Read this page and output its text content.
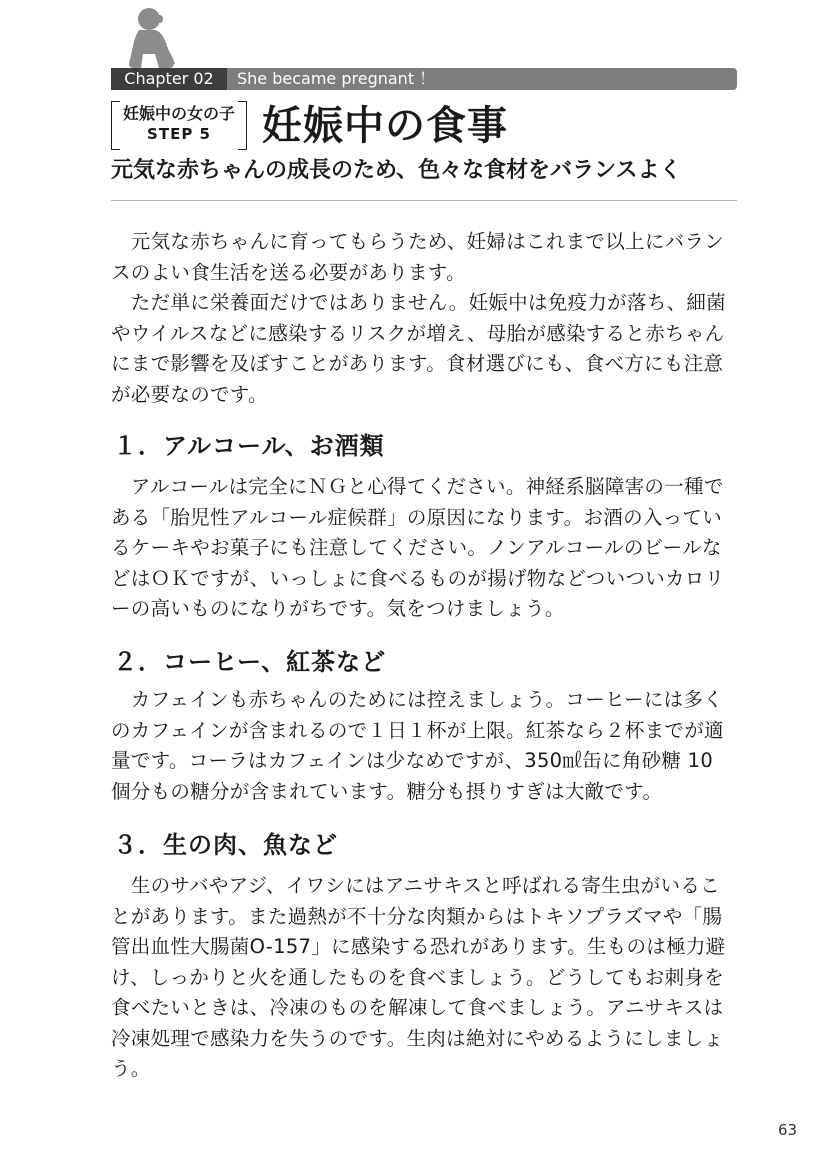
Chapter 02	She became pregnant ！
妊娠中の女の子
STEP 5	妊娠中の食事
元気な赤ちゃんの成長のため、色々な食材をバランスよく

　元気な赤ちゃんに育ってもらうため、妊婦はこれまで以上にバランスのよい食生活を送る必要があります。

　ただ単に栄養面だけではありません。妊娠中は免疫力が落ち、細菌やウイルスなどに感染するリスクが増え、母胎が感染すると赤ちゃんにまで影響を及ぼすことがあります。食材選びにも、食べ方にも注意が必要なのです。

１．アルコール、お酒類

　アルコールは完全にＮＧと心得てください。神経系脳障害の一種である「胎児性アルコール症候群」の原因になります。お酒の入っているケーキやお菓子にも注意してください。ノンアルコールのビールなどはＯＫですが、いっしょに食べるものが揚げ物などついついカロリーの高いものになりがちです。気をつけましょう。

２．コーヒー、紅茶など

　カフェインも赤ちゃんのためには控えましょう。コーヒーには多くのカフェインが含まれるので１日１杯が上限。紅茶なら２杯までが適量です。コーラはカフェインは少なめですが、350㎖缶に角砂糖 10 個分もの糖分が含まれています。糖分も摂りすぎは大敵です。

３．生の肉、魚など

　生のサバやアジ、イワシにはアニサキスと呼ばれる寄生虫がいることがあります。また過熱が不十分な肉類からはトキソプラズマや「腸管出血性大腸菌O-157」に感染する恐れがあります。生ものは極力避け、しっかりと火を通したものを食べましょう。どうしてもお刺身を食べたいときは、冷凍のものを解凍して食べましょう。アニサキスは冷凍処理で感染力を失うのです。生肉は絶対にやめるようにしましょう。

63
